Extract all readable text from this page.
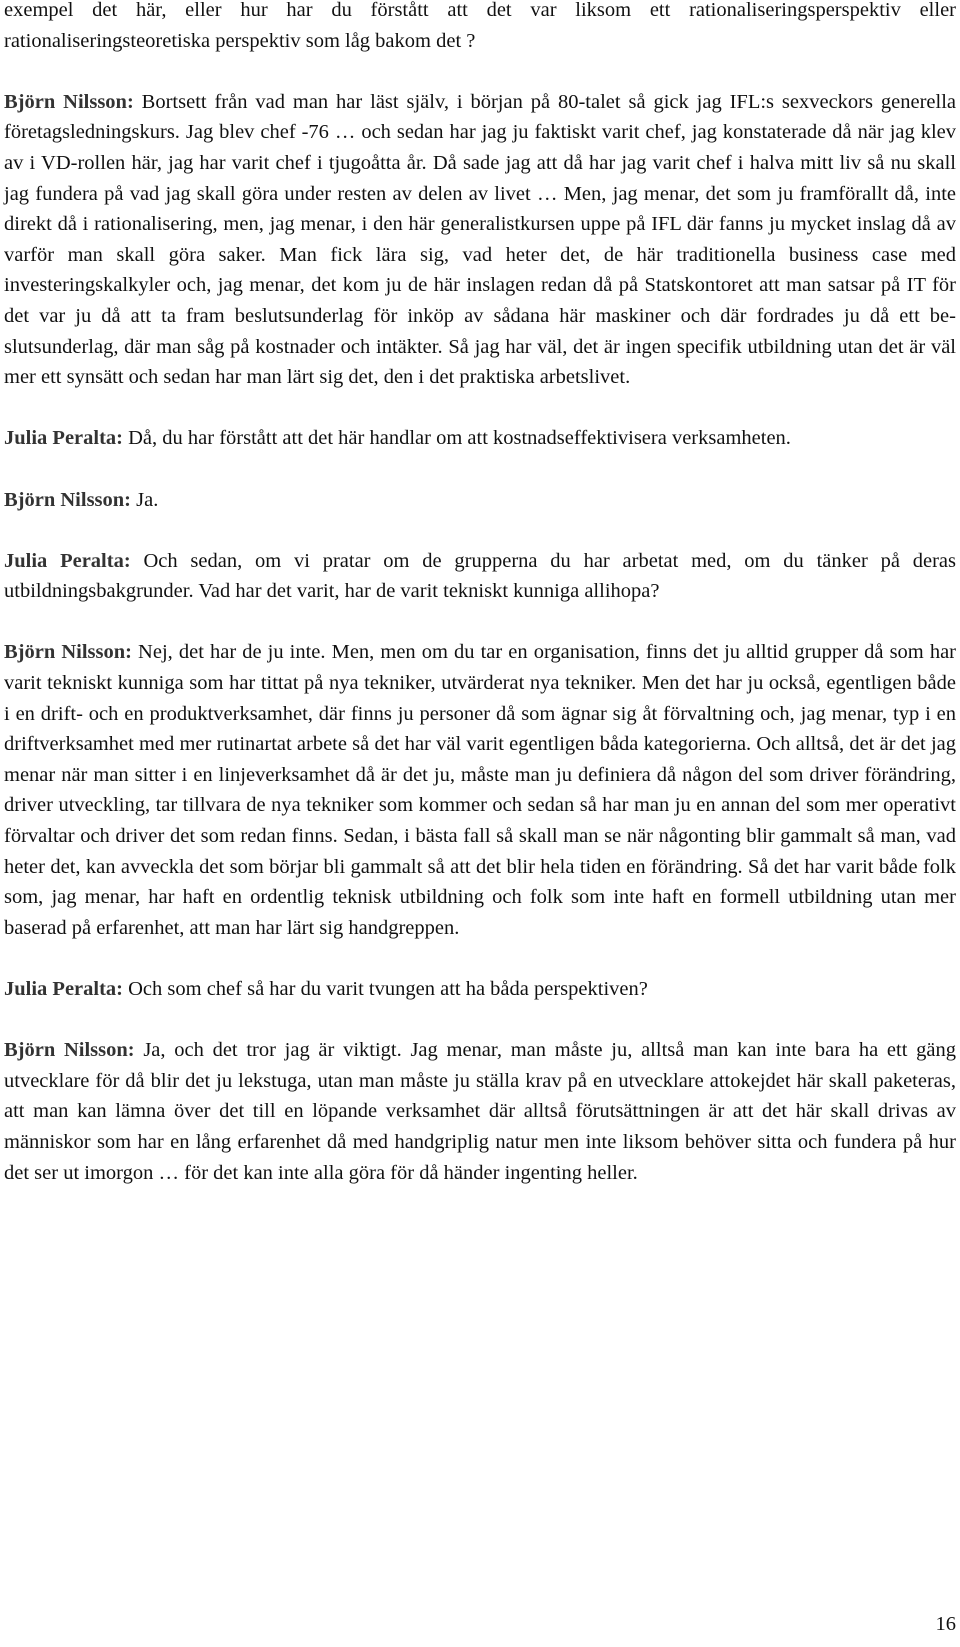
exempel det här, eller hur har du förstått att det var liksom ett rationaliseringsperspektiv eller rationaliseringsteoretiska perspektiv som låg bakom det ?

Björn Nilsson: Bortsett från vad man har läst själv, i början på 80-talet så gick jag IFL:s sexveckors generella företagsledningskurs. Jag blev chef -76 … och sedan har jag ju faktiskt varit chef, jag konstaterade då när jag klev av i VD-rollen här, jag har varit chef i tjugoåtta år. Då sade jag att då har jag varit chef i halva mitt liv så nu skall jag fundera på vad jag skall göra under resten av delen av livet … Men, jag menar, det som ju framförallt då, inte direkt då i rationalisering, men, jag menar, i den här generalistkursen uppe på IFL där fanns ju mycket inslag då av varför man skall göra saker. Man fick lära sig, vad heter det, de här traditionella business case med investeringskalkyler och, jag menar, det kom ju de här inslagen redan då på Statskontoret att man satsar på IT för det var ju då att ta fram beslutsunderlag för inköp av sådana här maskiner och där fordrades ju då ett beslutsunderlag, där man såg på kostnader och intäkter. Så jag har väl, det är ingen specifik utbildning utan det är väl mer ett synsätt och sedan har man lärt sig det, den i det praktiska arbetslivet.

Julia Peralta: Då, du har förstått att det här handlar om att kostnadseffektivisera verksamheten.

Björn Nilsson: Ja.

Julia Peralta: Och sedan, om vi pratar om de grupperna du har arbetat med, om du tänker på deras utbildningsbakgrunder. Vad har det varit, har de varit tekniskt kunniga allihopa?

Björn Nilsson: Nej, det har de ju inte. Men, men om du tar en organisation, finns det ju alltid grupper då som har varit tekniskt kunniga som har tittat på nya tekniker, utvärderat nya tekniker. Men det har ju också, egentligen både i en drift- och en produktverksamhet, där finns ju personer då som ägnar sig åt förvaltning och, jag menar, typ i en driftverksamhet med mer rutinartat arbete så det har väl varit egentligen båda kategorierna. Och alltså, det är det jag menar när man sitter i en linjeverksamhet då är det ju, måste man ju definiera då någon del som driver förändring, driver utveckling, tar tillvara de nya tekniker som kommer och sedan så har man ju en annan del som mer operativt förvaltar och driver det som redan finns. Sedan, i bästa fall så skall man se när någonting blir gammalt så man, vad heter det, kan avveckla det som börjar bli gammalt så att det blir hela tiden en förändring. Så det har varit både folk som, jag menar, har haft en ordentlig teknisk utbildning och folk som inte haft en formell utbildning utan mer baserad på erfarenhet, att man har lärt sig handgreppen.

Julia Peralta: Och som chef så har du varit tvungen att ha båda perspektiven?

Björn Nilsson: Ja, och det tror jag är viktigt. Jag menar, man måste ju, alltså man kan inte bara ha ett gäng utvecklare för då blir det ju lekstuga, utan man måste ju ställa krav på en utvecklare attokejdet här skall paketeras, att man kan lämna över det till en löpande verksamhet där alltså förutsättningen är att det här skall drivas av människor som har en lång erfarenhet då med handgriplig natur men inte liksom behöver sitta och fundera på hur det ser ut imorgon … för det kan inte alla göra för då händer ingenting heller.

16
